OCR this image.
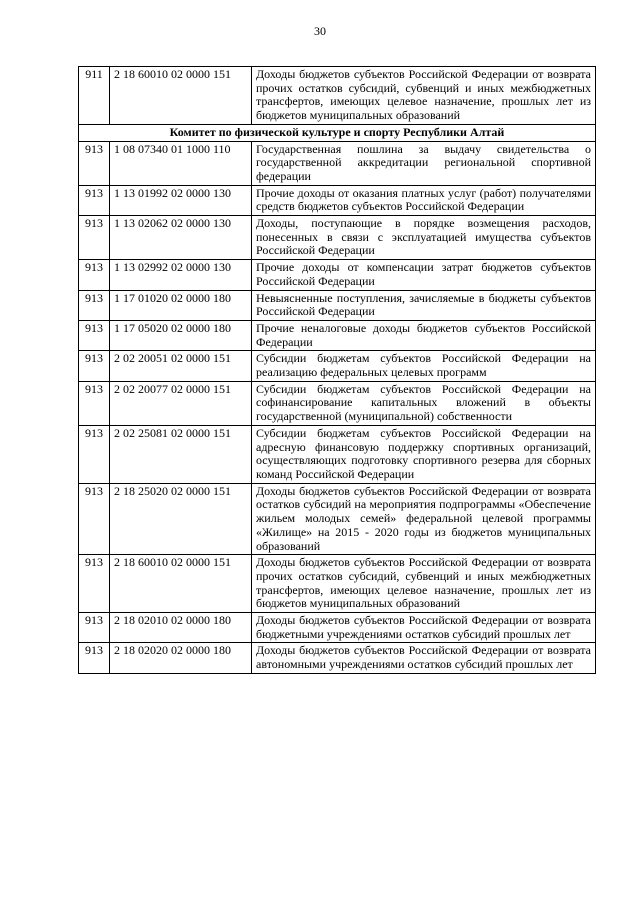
30
911	2 18 60010 02 0000 151	Доходы бюджетов субъектов Российской Федерации от возврата прочих остатков субсидий, субвенций и иных межбюджетных трансфертов, имеющих целевое назначение, прошлых лет из бюджетов муниципальных образований
Комитет по физической культуре и спорту Республики Алтай		
913	1 08 07340 01 1000 110	Государственная пошлина за выдачу свидетельства о государственной аккредитации региональной спортивной федерации
913	1 13 01992 02 0000 130	Прочие доходы от оказания платных услуг (работ) получателями средств бюджетов субъектов Российской Федерации
913	1 13 02062 02 0000 130	Доходы, поступающие в порядке возмещения расходов, понесенных в связи с эксплуатацией имущества субъектов Российской Федерации
913	1 13 02992 02 0000 130	Прочие доходы от компенсации затрат бюджетов субъектов Российской Федерации
913	1 17 01020 02 0000 180	Невыясненные поступления, зачисляемые в бюджеты субъектов Российской Федерации
913	1 17 05020 02 0000 180	Прочие неналоговые доходы бюджетов субъектов Российской Федерации
913	2 02 20051 02 0000 151	Субсидии бюджетам субъектов Российской Федерации на реализацию федеральных целевых программ
913	2 02 20077 02 0000 151	Субсидии бюджетам субъектов Российской Федерации на софинансирование капитальных вложений в объекты государственной (муниципальной) собственности
913	2 02 25081 02 0000 151	Субсидии бюджетам субъектов Российской Федерации на адресную финансовую поддержку спортивных организаций, осуществляющих подготовку спортивного резерва для сборных команд Российской Федерации
913	2 18 25020 02 0000 151	Доходы бюджетов субъектов Российской Федерации от возврата остатков субсидий на мероприятия подпрограммы «Обеспечение жильем молодых семей» федеральной целевой программы «Жилище» на 2015 - 2020 годы из бюджетов муниципальных образований
913	2 18 60010 02 0000 151	Доходы бюджетов субъектов Российской Федерации от возврата прочих остатков субсидий, субвенций и иных межбюджетных трансфертов, имеющих целевое назначение, прошлых лет из бюджетов муниципальных образований
913	2 18 02010 02 0000 180	Доходы бюджетов субъектов Российской Федерации от возврата бюджетными учреждениями остатков субсидий прошлых лет
913	2 18 02020 02 0000 180	Доходы бюджетов субъектов Российской Федерации от возврата автономными учреждениями остатков субсидий прошлых лет
